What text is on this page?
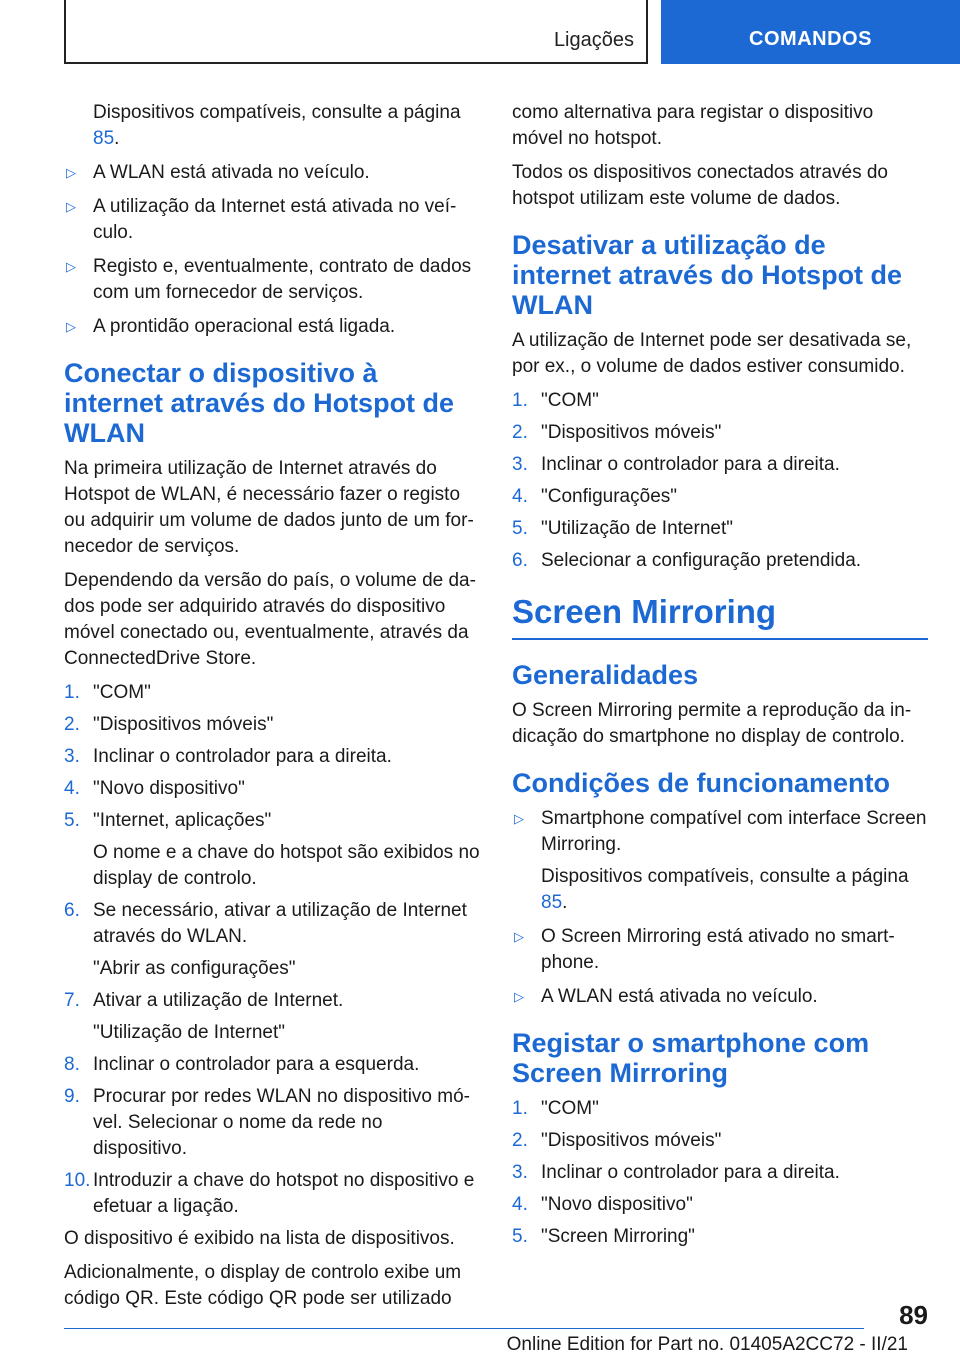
Ligações	COMANDOS

Dispositivos compatíveis, consulte a página 85.

▷ A WLAN está ativada no veículo.
▷ A utilização da Internet está ativada no veículo.
▷ Registo e, eventualmente, contrato de dados com um fornecedor de serviços.
▷ A prontidão operacional está ligada.
Conectar o dispositivo à internet através do Hotspot de WLAN

Na primeira utilização de Internet através do Hotspot de WLAN, é necessário fazer o registo ou adquirir um volume de dados junto de um fornecedor de serviços.

Dependendo da versão do país, o volume de dados pode ser adquirido através do dispositivo móvel conectado ou, eventualmente, através da ConnectedDrive Store.

1. "COM"
2. "Dispositivos móveis"
3. Inclinar o controlador para a direita.
4. "Novo dispositivo"
5. "Internet, aplicações"
O nome e a chave do hotspot são exibidos no display de controlo.
6. Se necessário, ativar a utilização de Internet através do WLAN.
"Abrir as configurações"
7. Ativar a utilização de Internet.
"Utilização de Internet"
8. Inclinar o controlador para a esquerda.
9. Procurar por redes WLAN no dispositivo móvel. Selecionar o nome da rede no dispositivo.
10. Introduzir a chave do hotspot no dispositivo e efetuar a ligação.

O dispositivo é exibido na lista de dispositivos.

Adicionalmente, o display de controlo exibe um código QR. Este código QR pode ser utilizado

como alternativa para registar o dispositivo móvel no hotspot.

Todos os dispositivos conectados através do hotspot utilizam este volume de dados.

Desativar a utilização de internet através do Hotspot de WLAN

A utilização de Internet pode ser desativada se, por ex., o volume de dados estiver consumido.

1. "COM"
2. "Dispositivos móveis"
3. Inclinar o controlador para a direita.
4. "Configurações"
5. "Utilização de Internet"
6. Selecionar a configuração pretendida.
Screen Mirroring
Generalidades

O Screen Mirroring permite a reprodução da indicação do smartphone no display de controlo.

Condições de funcionamento
▷ Smartphone compatível com interface Screen Mirroring.
Dispositivos compatíveis, consulte a página 85.
▷ O Screen Mirroring está ativado no smartphone.
▷ A WLAN está ativada no veículo.
Registar o smartphone com Screen Mirroring
1. "COM"
2. "Dispositivos móveis"
3. Inclinar o controlador para a direita.
4. "Novo dispositivo"
5. "Screen Mirroring"
89
Online Edition for Part no. 01405A2CC72 - II/21
